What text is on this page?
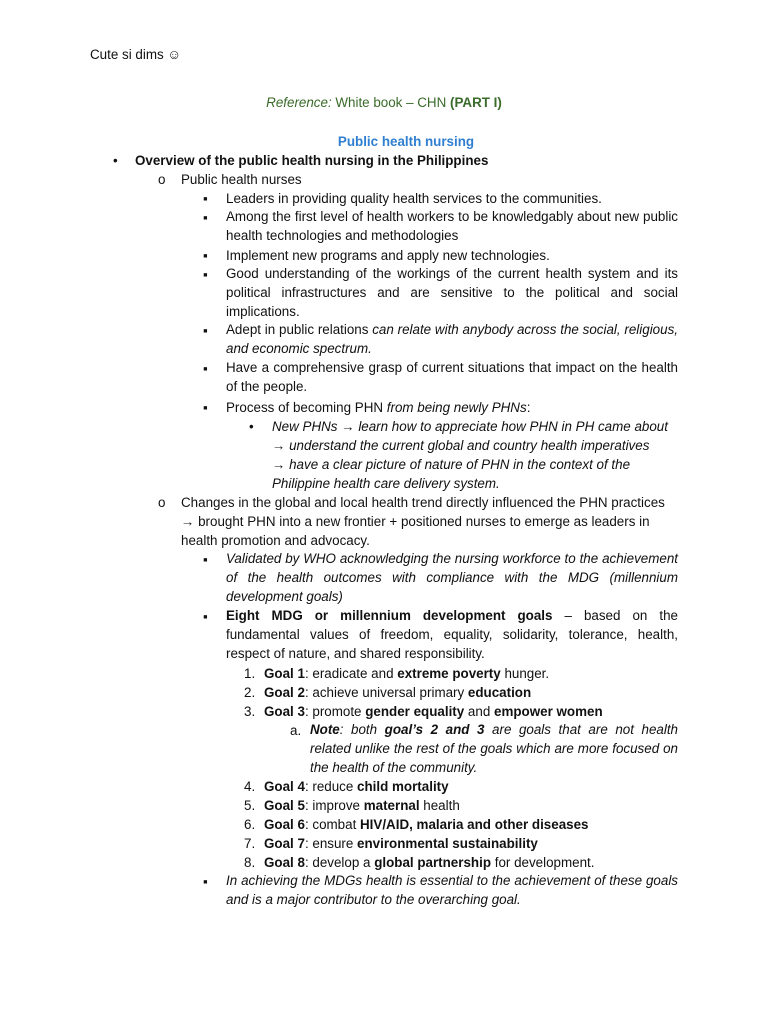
Cute si dims ☺
Reference: White book – CHN (PART I)
Public health nursing
• Overview of the public health nursing in the Philippines
o Public health nurses
▪ Leaders in providing quality health services to the communities.
▪ Among the first level of health workers to be knowledgably about new public health technologies and methodologies
▪ Implement new programs and apply new technologies.
▪ Good understanding of the workings of the current health system and its political infrastructures and are sensitive to the political and social implications.
▪ Adept in public relations can relate with anybody across the social, religious, and economic spectrum.
▪ Have a comprehensive grasp of current situations that impact on the health of the people.
▪ Process of becoming PHN from being newly PHNs:
• New PHNs → learn how to appreciate how PHN in PH came about
→ understand the current global and country health imperatives
→ have a clear picture of nature of PHN in the context of the
Philippine health care delivery system.
o Changes in the global and local health trend directly influenced the PHN practices
→ brought PHN into a new frontier + positioned nurses to emerge as leaders in
health promotion and advocacy.
▪ Validated by WHO acknowledging the nursing workforce to the achievement of the health outcomes with compliance with the MDG (millennium development goals)
▪ Eight MDG or millennium development goals – based on the fundamental values of freedom, equality, solidarity, tolerance, health, respect of nature, and shared responsibility.
1. Goal 1: eradicate and extreme poverty hunger.
2. Goal 2: achieve universal primary education
3. Goal 3: promote gender equality and empower women
a. Note: both goal’s 2 and 3 are goals that are not health related unlike the rest of the goals which are more focused on the health of the community.
4. Goal 4: reduce child mortality
5. Goal 5: improve maternal health
6. Goal 6: combat HIV/AID, malaria and other diseases
7. Goal 7: ensure environmental sustainability
8. Goal 8: develop a global partnership for development.
▪ In achieving the MDGs health is essential to the achievement of these goals and is a major contributor to the overarching goal.
